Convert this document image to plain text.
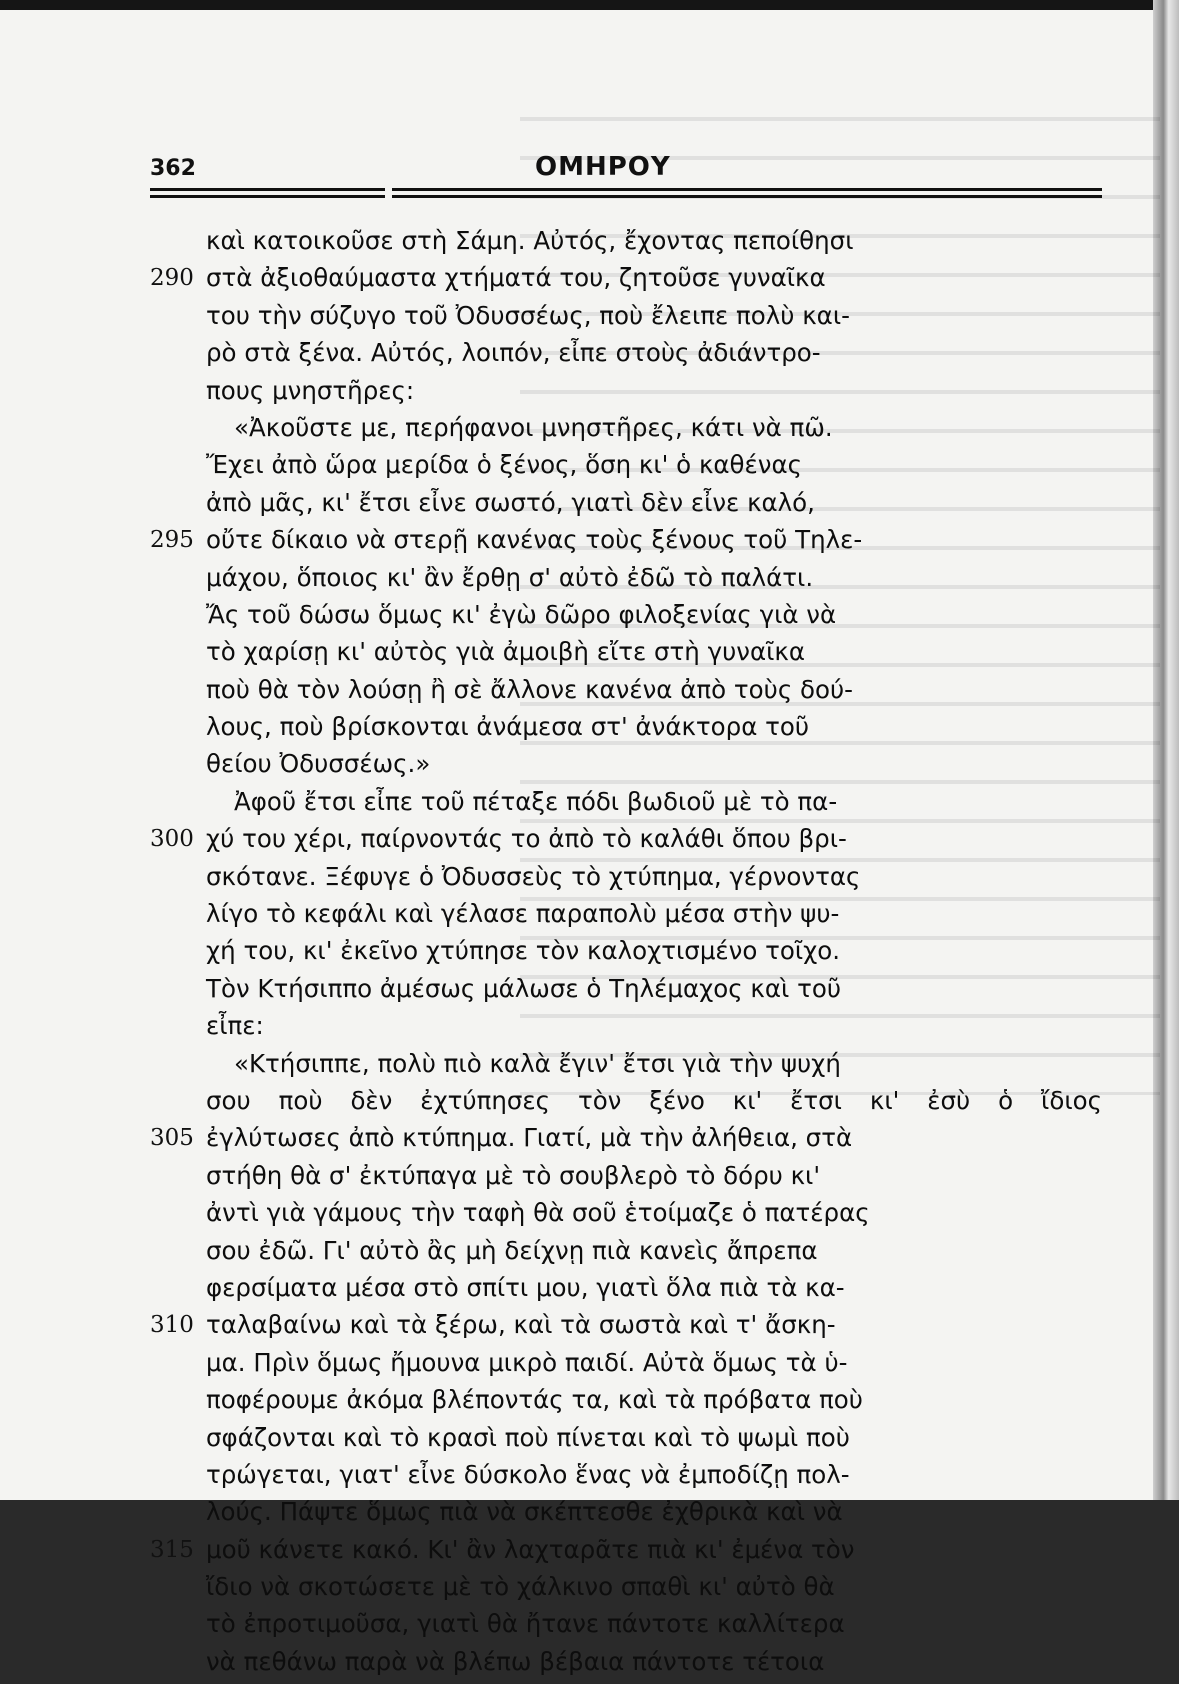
362	ΟΜΗΡΟΥ
καὶ κατοικοῦσε στὴ Σάμη. Αὐτός, ἔχοντας πεποίθησι
290 στὰ ἀξιοθαύμαστα χτήματά του, ζητοῦσε γυναῖκα
του τὴν σύζυγο τοῦ Ὀδυσσέως, ποὺ ἔλειπε πολὺ και-
ρὸ στὰ ξένα. Αὐτός, λοιπόν, εἶπε στοὺς ἀδιάντρο-
πους μνηστῆρες:
«Ἀκοῦστε με, περήφανοι μνηστῆρες, κάτι νὰ πῶ.
Ἔχει ἀπὸ ὥρα μερίδα ὁ ξένος, ὅση κι' ὁ καθένας
ἀπὸ μᾶς, κι' ἔτσι εἶνε σωστό, γιατὶ δὲν εἶνε καλό,
295 οὔτε δίκαιο νὰ στερῇ κανένας τοὺς ξένους τοῦ Τηλε-
μάχου, ὅποιος κι' ἂν ἔρθῃ σ' αὐτὸ ἐδῶ τὸ παλάτι.
Ἄς τοῦ δώσω ὅμως κι' ἐγὼ δῶρο φιλοξενίας γιὰ νὰ
τὸ χαρίσῃ κι' αὐτὸς γιὰ ἀμοιβὴ εἴτε στὴ γυναῖκα
ποὺ θὰ τὸν λούσῃ ἢ σὲ ἄλλονε κανένα ἀπὸ τοὺς δού-
λους, ποὺ βρίσκονται ἀνάμεσα στ' ἀνάκτορα τοῦ
θείου Ὀδυσσέως.»
Ἀφοῦ ἔτσι εἶπε τοῦ πέταξε πόδι βωδιοῦ μὲ τὸ πα-
300 χύ του χέρι, παίρνοντάς το ἀπὸ τὸ καλάθι ὅπου βρι-
σκότανε. Ξέφυγε ὁ Ὀδυσσεὺς τὸ χτύπημα, γέρνοντας
λίγο τὸ κεφάλι καὶ γέλασε παραπολὺ μέσα στὴν ψυ-
χή του, κι' ἐκεῖνο χτύπησε τὸν καλοχτισμένο τοῖχο.
Τὸν Κτήσιππο ἀμέσως μάλωσε ὁ Τηλέμαχος καὶ τοῦ
εἶπε:
«Κτήσιππε, πολὺ πιὸ καλὰ ἔγιν' ἔτσι γιὰ τὴν ψυχή
σου ποὺ δὲν ἐχτύπησες τὸν ξένο κι' ἔτσι κι' ἐσὺ ὁ ἴδιος
305 ἐγλύτωσες ἀπὸ κτύπημα. Γιατί, μὰ τὴν ἀλήθεια, στὰ
στήθη θὰ σ' ἐκτύπαγα μὲ τὸ σουβλερὸ τὸ δόρυ κι'
ἀντὶ γιὰ γάμους τὴν ταφὴ θὰ σοῦ ἑτοίμαζε ὁ πατέρας
σου ἐδῶ. Γι' αὐτὸ ἂς μὴ δείχνῃ πιὰ κανεὶς ἄπρεπα
φερσίματα μέσα στὸ σπίτι μου, γιατὶ ὅλα πιὰ τὰ κα-
310 ταλαβαίνω καὶ τὰ ξέρω, καὶ τὰ σωστὰ καὶ τ' ἄσκη-
μα. Πρὶν ὅμως ἤμουνα μικρὸ παιδί. Αὐτὰ ὅμως τὰ ὑ-
ποφέρουμε ἀκόμα βλέποντάς τα, καὶ τὰ πρόβατα ποὺ
σφάζονται καὶ τὸ κρασὶ ποὺ πίνεται καὶ τὸ ψωμὶ ποὺ
τρώγεται, γιατ' εἶνε δύσκολο ἕνας νὰ ἐμποδίζῃ πολ-
λούς. Πάψτε ὅμως πιὰ νὰ σκέπτεσθε ἐχθρικὰ καὶ νὰ
315 μοῦ κάνετε κακό. Κι' ἂν λαχταρᾶτε πιὰ κι' ἐμένα τὸν
ἴδιο νὰ σκοτώσετε μὲ τὸ χάλκινο σπαθὶ κι' αὐτὸ θὰ
τὸ ἐπροτιμοῦσα, γιατὶ θὰ ἤτανε πάντοτε καλλίτερα
νὰ πεθάνω παρὰ νὰ βλέπω βέβαια πάντοτε τέτοια
